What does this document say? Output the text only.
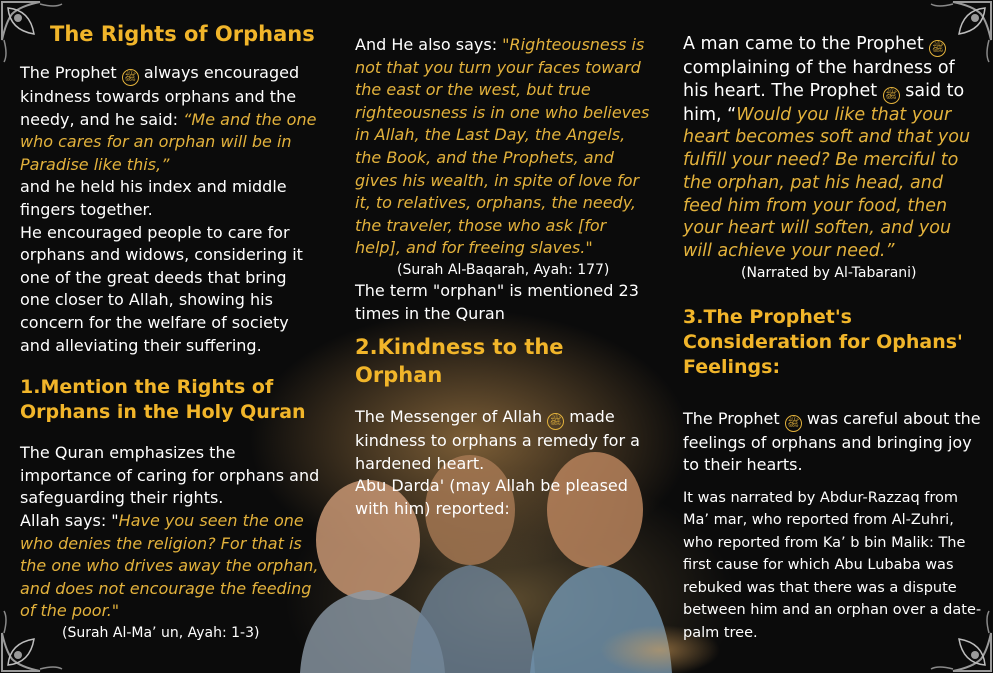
The Rights of Orphans

The Prophet ﷺ always encouraged kindness towards orphans and the needy, and he said: “Me and the one who cares for an orphan will be in Paradise like this,”

and he held his index and middle fingers together.

He encouraged people to care for orphans and widows, considering it one of the great deeds that bring one closer to Allah, showing his concern for the welfare of society and alleviating their suffering.

1.Mention the Rights of Orphans in the Holy Quran

The Quran emphasizes the importance of caring for orphans and safeguarding their rights.

Allah says: "Have you seen the one who denies the religion? For that is the one who drives away the orphan, and does not encourage the feeding of the poor."

(Surah Al-Ma’ un, Ayah: 1-3)

And He also says: "Righteousness is not that you turn your faces toward the east or the west, but true righteousness is in one who believes in Allah, the Last Day, the Angels, the Book, and the Prophets, and gives his wealth, in spite of love for it, to relatives, orphans, the needy, the traveler, those who ask [for help], and for freeing slaves."

(Surah Al-Baqarah, Ayah: 177)

The term "orphan" is mentioned 23 times in the Quran

2.Kindness to the Orphan

The Messenger of Allah ﷺ made kindness to orphans a remedy for a hardened heart.

Abu Darda' (may Allah be pleased with him) reported:

A man came to the Prophet ﷺ complaining of the hardness of his heart. The Prophet ﷺ said to him, “Would you like that your heart becomes soft and that you fulfill your need? Be merciful to the orphan, pat his head, and feed him from your food, then your heart will soften, and you will achieve your need.”

(Narrated by Al-Tabarani)
3.The Prophet's Consideration for Ophans' Feelings:

The Prophet ﷺ was careful about the feelings of orphans and bringing joy to their hearts.

It was narrated by Abdur-Razzaq from Ma’ mar, who reported from Al-Zuhri, who reported from Ka’ b bin Malik: The first cause for which Abu Lubaba was rebuked was that there was a dispute between him and an orphan over a date-palm tree.
